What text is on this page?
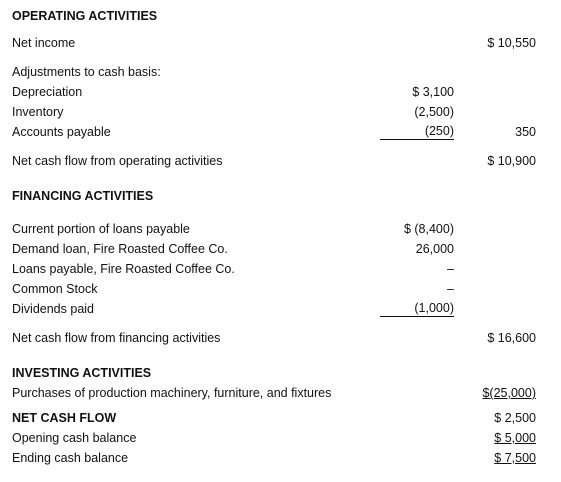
OPERATING ACTIVITIES
Net income	$ 10,550
Adjustments to cash basis:
Depreciation	$ 3,100
Inventory	(2,500)
Accounts payable	(250)	350
Net cash flow from operating activities	$ 10,900
FINANCING ACTIVITIES
Current portion of loans payable	$ (8,400)
Demand loan, Fire Roasted Coffee Co.	26,000
Loans payable, Fire Roasted Coffee Co.	–
Common Stock	–
Dividends paid	(1,000)
Net cash flow from financing activities	$ 16,600
INVESTING ACTIVITIES
Purchases of production machinery, furniture, and fixtures	$(25,000)
NET CASH FLOW	$ 2,500
Opening cash balance	$ 5,000
Ending cash balance	$ 7,500
